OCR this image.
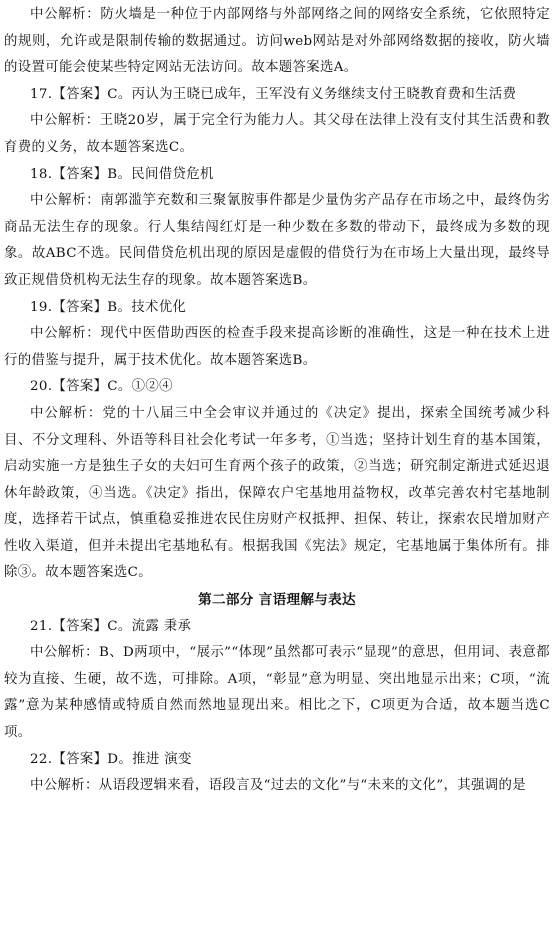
中公解析：防火墙是一种位于内部网络与外部网络之间的网络安全系统，它依照特定的规则，允许或是限制传输的数据通过。访问web网站是对外部网络数据的接收，防火墙的设置可能会使某些特定网站无法访问。故本题答案选A。

17.【答案】C。丙认为王晓已成年，王军没有义务继续支付王晓教育费和生活费

中公解析：王晓20岁，属于完全行为能力人。其父母在法律上没有支付其生活费和教育费的义务，故本题答案选C。

18.【答案】B。民间借贷危机

中公解析：南郭滥竽充数和三聚氰胺事件都是少量伪劣产品存在市场之中，最终伪劣商品无法生存的现象。行人集结闯红灯是一种少数在多数的带动下，最终成为多数的现象。故ABC不选。民间借贷危机出现的原因是虚假的借贷行为在市场上大量出现，最终导致正规借贷机构无法生存的现象。故本题答案选B。

19.【答案】B。技术优化

中公解析：现代中医借助西医的检查手段来提高诊断的准确性，这是一种在技术上进行的借鉴与提升，属于技术优化。故本题答案选B。

20.【答案】C。①②④

中公解析：党的十八届三中全会审议并通过的《决定》提出，探索全国统考减少科目、不分文理科、外语等科目社会化考试一年多考，①当选；坚持计划生育的基本国策，启动实施一方是独生子女的夫妇可生育两个孩子的政策，②当选；研究制定渐进式延迟退休年龄政策，④当选。《决定》指出，保障农户宅基地用益物权，改革完善农村宅基地制度，选择若干试点，慎重稳妥推进农民住房财产权抵押、担保、转让，探索农民增加财产性收入渠道，但并未提出宅基地私有。根据我国《宪法》规定，宅基地属于集体所有。排除③。故本题答案选C。

第二部分 言语理解与表达

21.【答案】C。流露 秉承

中公解析：B、D两项中，“展示”“体现”虽然都可表示“显现”的意思，但用词、表意都较为直接、生硬，故不选，可排除。A项，“彰显”意为明显、突出地显示出来；C项，“流露”意为某种感情或特质自然而然地显现出来。相比之下，C项更为合适，故本题当选C项。

22.【答案】D。推进 演变

中公解析：从语段逻辑来看，语段言及“过去的文化”与“未来的文化”，其强调的是
